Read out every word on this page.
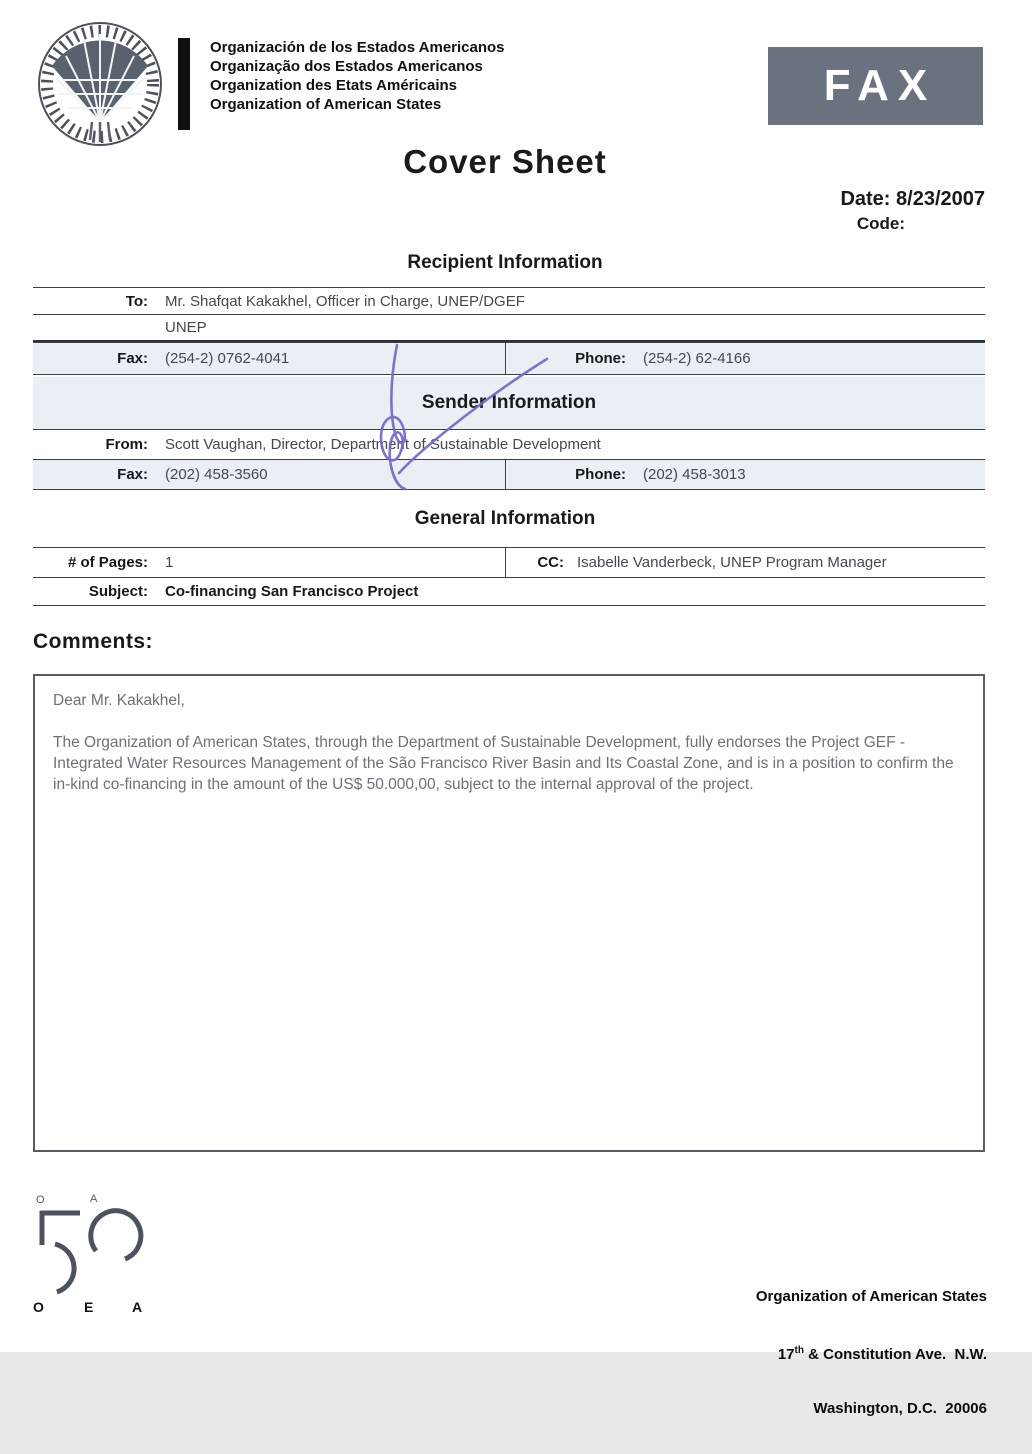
Organización de los Estados Americanos
Organização dos Estados Americanos
Organization des Etats Américains
Organization of American States	FAX
Cover Sheet
Date: 8/23/2007
Code:
Recipient Information
To:	Mr. Shafqat Kakakhel, Officer in Charge, UNEP/DGEF
UNEP
Fax:	(254-2) 0762-4041	Phone:	(254-2) 62-4166
Sender Information
From:	Scott Vaughan, Director, Department of Sustainable Development
Fax:	(202) 458-3560	Phone:	(202) 458-3013
General Information
# of Pages:	1	CC: Isabelle Vanderbeck, UNEP Program Manager
Subject:	Co-financing San Francisco Project
Comments:

Dear Mr. Kakakhel,

The Organization of American States, through the Department of Sustainable Development, fully endorses the Project GEF - Integrated Water Resources Management of the São Francisco River Basin and Its Coastal Zone, and is in a position to confirm the in-kind co-financing in the amount of the US$ 50.000,00, subject to the internal approval of the project.

O	A
O	E	A

Organization of American States

17th & Constitution Ave.  N.W.

Washington, D.C.  20006
